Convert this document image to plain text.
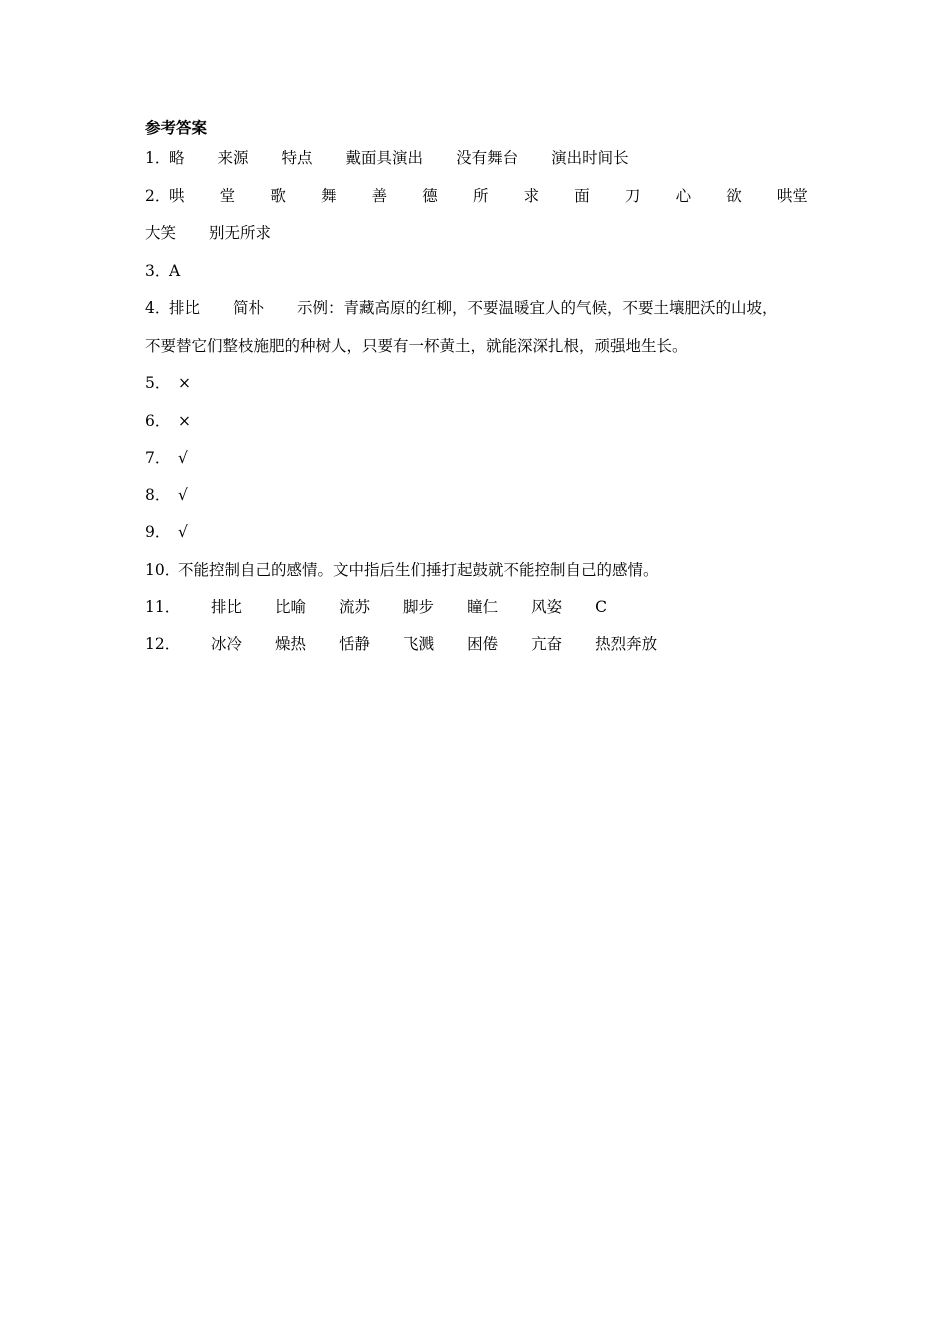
参考答案
1．略 来源 特点 戴面具演出 没有舞台 演出时间长
2．哄 堂 歌 舞 善 德 所 求 面 刀 心 欲 哄堂
大笑 别无所求
3．A
4．排比 简朴 示例：青藏高原的红柳，不要温暖宜人的气候，不要土壤肥沃的山坡，
不要替它们整枝施肥的种树人，只要有一杯黄土，就能深深扎根，顽强地生长。
5． ×
6． ×
7． √
8． √
9． √
10．不能控制自己的感情。文中指后生们捶打起鼓就不能控制自己的感情。
11． 排比 比喻 流苏 脚步 瞳仁 风姿 C
12． 冰冷 燥热 恬静 飞溅 困倦 亢奋 热烈奔放
